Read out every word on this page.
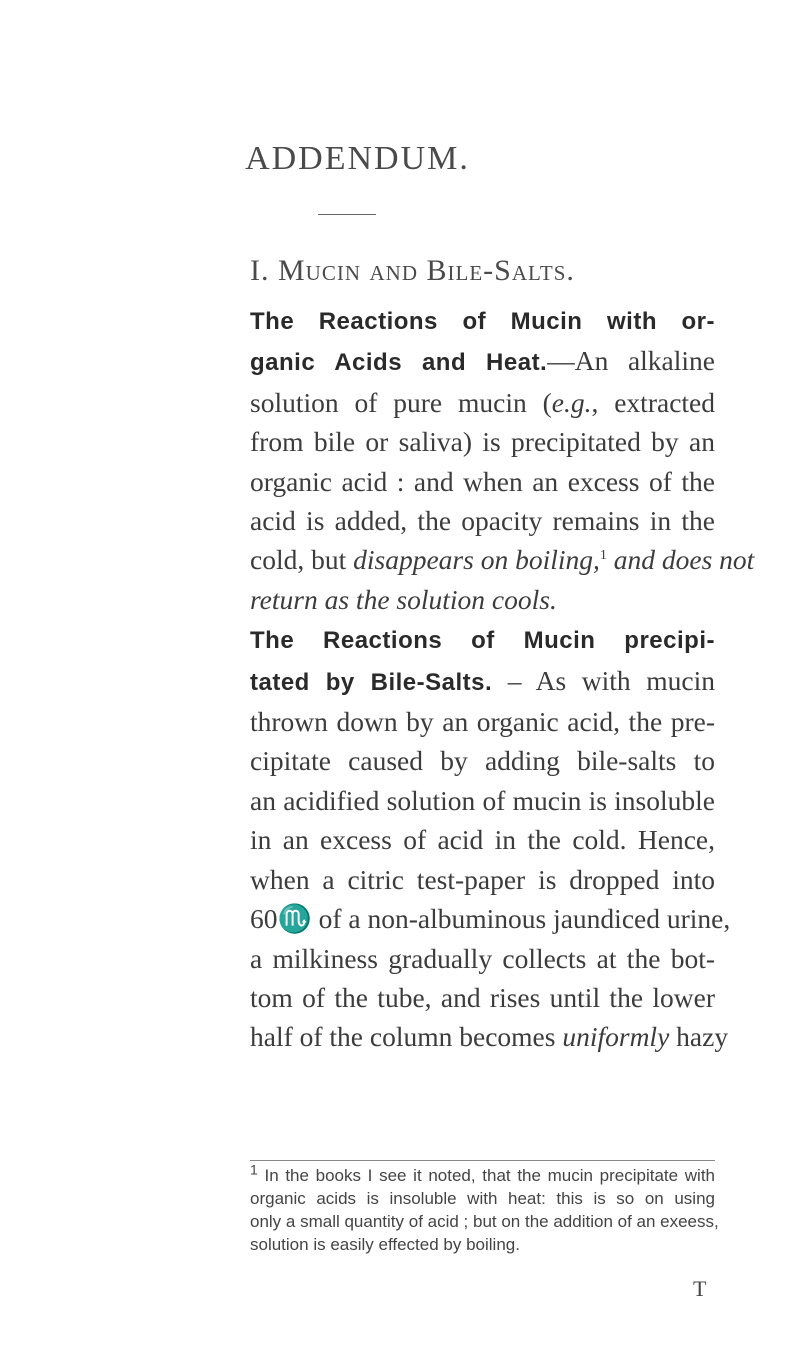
ADDENDUM.
I. Mucin and Bile-Salts.
The Reactions of Mucin with or-
ganic Acids and Heat.—An alkaline
solution of pure mucin (e.g., extracted
from bile or saliva) is precipitated by an
organic acid : and when an excess of the
acid is added, the opacity remains in the
cold, but disappears on boiling,$^1$ and does not
return as the solution cools.
The Reactions of Mucin precipi-
tated by Bile-Salts. – As with mucin
thrown down by an organic acid, the pre-
cipitate caused by adding bile-salts to
an acidified solution of mucin is insoluble
in an excess of acid in the cold. Hence,
when a citric test-paper is dropped into
60♏ of a non-albuminous jaundiced urine,
a milkiness gradually collects at the bot-
tom of the tube, and rises until the lower
half of the column becomes uniformly hazy
$^1$ In the books I see it noted, that the mucin precipitate with
organic acids is insoluble with heat: this is so on using
only a small quantity of acid ; but on the addition of an exeess,
solution is easily effected by boiling.
T
